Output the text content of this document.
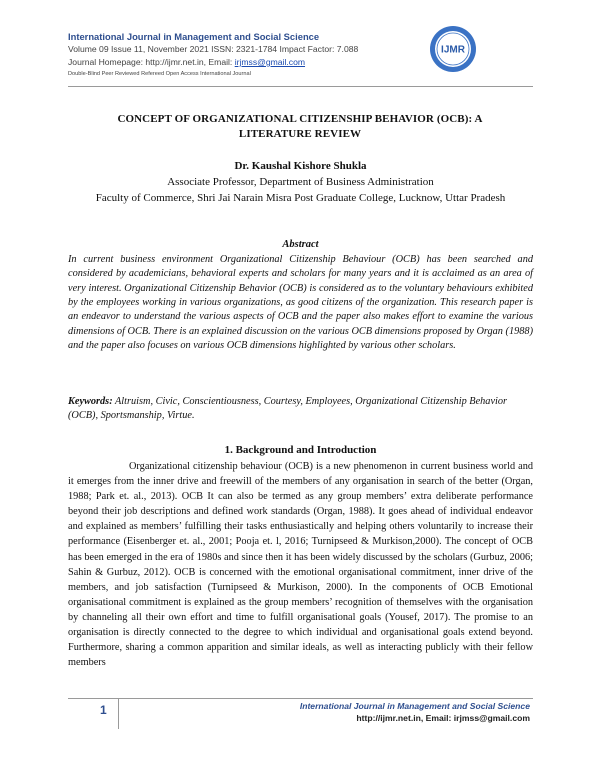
International Journal in Management and Social Science

Volume 09 Issue 11, November 2021 ISSN: 2321-1784 Impact Factor: 7.088

Journal Homepage: http://ijmr.net.in, Email: irjmss@gmail.com

Double-Blind Peer Reviewed Refereed Open Access International Journal

IJMR
CONCEPT OF ORGANIZATIONAL CITIZENSHIP BEHAVIOR (OCB): A LITERATURE REVIEW
Dr. Kaushal Kishore Shukla
Associate Professor, Department of Business Administration
Faculty of Commerce, Shri Jai Narain Misra Post Graduate College, Lucknow, Uttar Pradesh
Abstract

In current business environment Organizational Citizenship Behaviour (OCB) has been searched and considered by academicians, behavioral experts and scholars for many years and it is acclaimed as an area of very interest. Organizational Citizenship Behavior (OCB) is considered as to the voluntary behaviours exhibited by the employees working in various organizations, as good citizens of the organization. This research paper is an endeavor to understand the various aspects of OCB and the paper also makes effort to examine the various dimensions of OCB. There is an explained discussion on the various OCB dimensions proposed by Organ (1988) and the paper also focuses on various OCB dimensions highlighted by various other scholars.

Keywords: Altruism, Civic, Conscientiousness, Courtesy, Employees, Organizational Citizenship Behavior (OCB), Sportsmanship, Virtue.

1. Background and Introduction

Organizational citizenship behaviour (OCB) is a new phenomenon in current business world and it emerges from the inner drive and freewill of the members of any organisation in search of the better (Organ, 1988; Park et. al., 2013). OCB It can also be termed as any group members’ extra deliberate performance beyond their job descriptions and defined work standards (Organ, 1988). It goes ahead of individual endeavor and explained as members’ fulfilling their tasks enthusiastically and helping others voluntarily to increase their performance (Eisenberger et. al., 2001; Pooja et. l, 2016; Turnipseed & Murkison,2000). The concept of OCB has been emerged in the era of 1980s and since then it has been widely discussed by the scholars (Gurbuz, 2006; Sahin & Gurbuz, 2012). OCB is concerned with the emotional organisational commitment, inner drive of the members, and job satisfaction (Turnipseed & Murkison, 2000). In the components of OCB Emotional organisational commitment is explained as the group members’ recognition of themselves with the organisation by channeling all their own effort and time to fulfill organisational goals (Yousef, 2017). The promise to an organisation is directly connected to the degree to which individual and organisational goals extend beyond. Furthermore, sharing a common apparition and similar ideals, as well as interacting publicly with their fellow members

1	International Journal in Management and Social Science
http://ijmr.net.in, Email: irjmss@gmail.com
